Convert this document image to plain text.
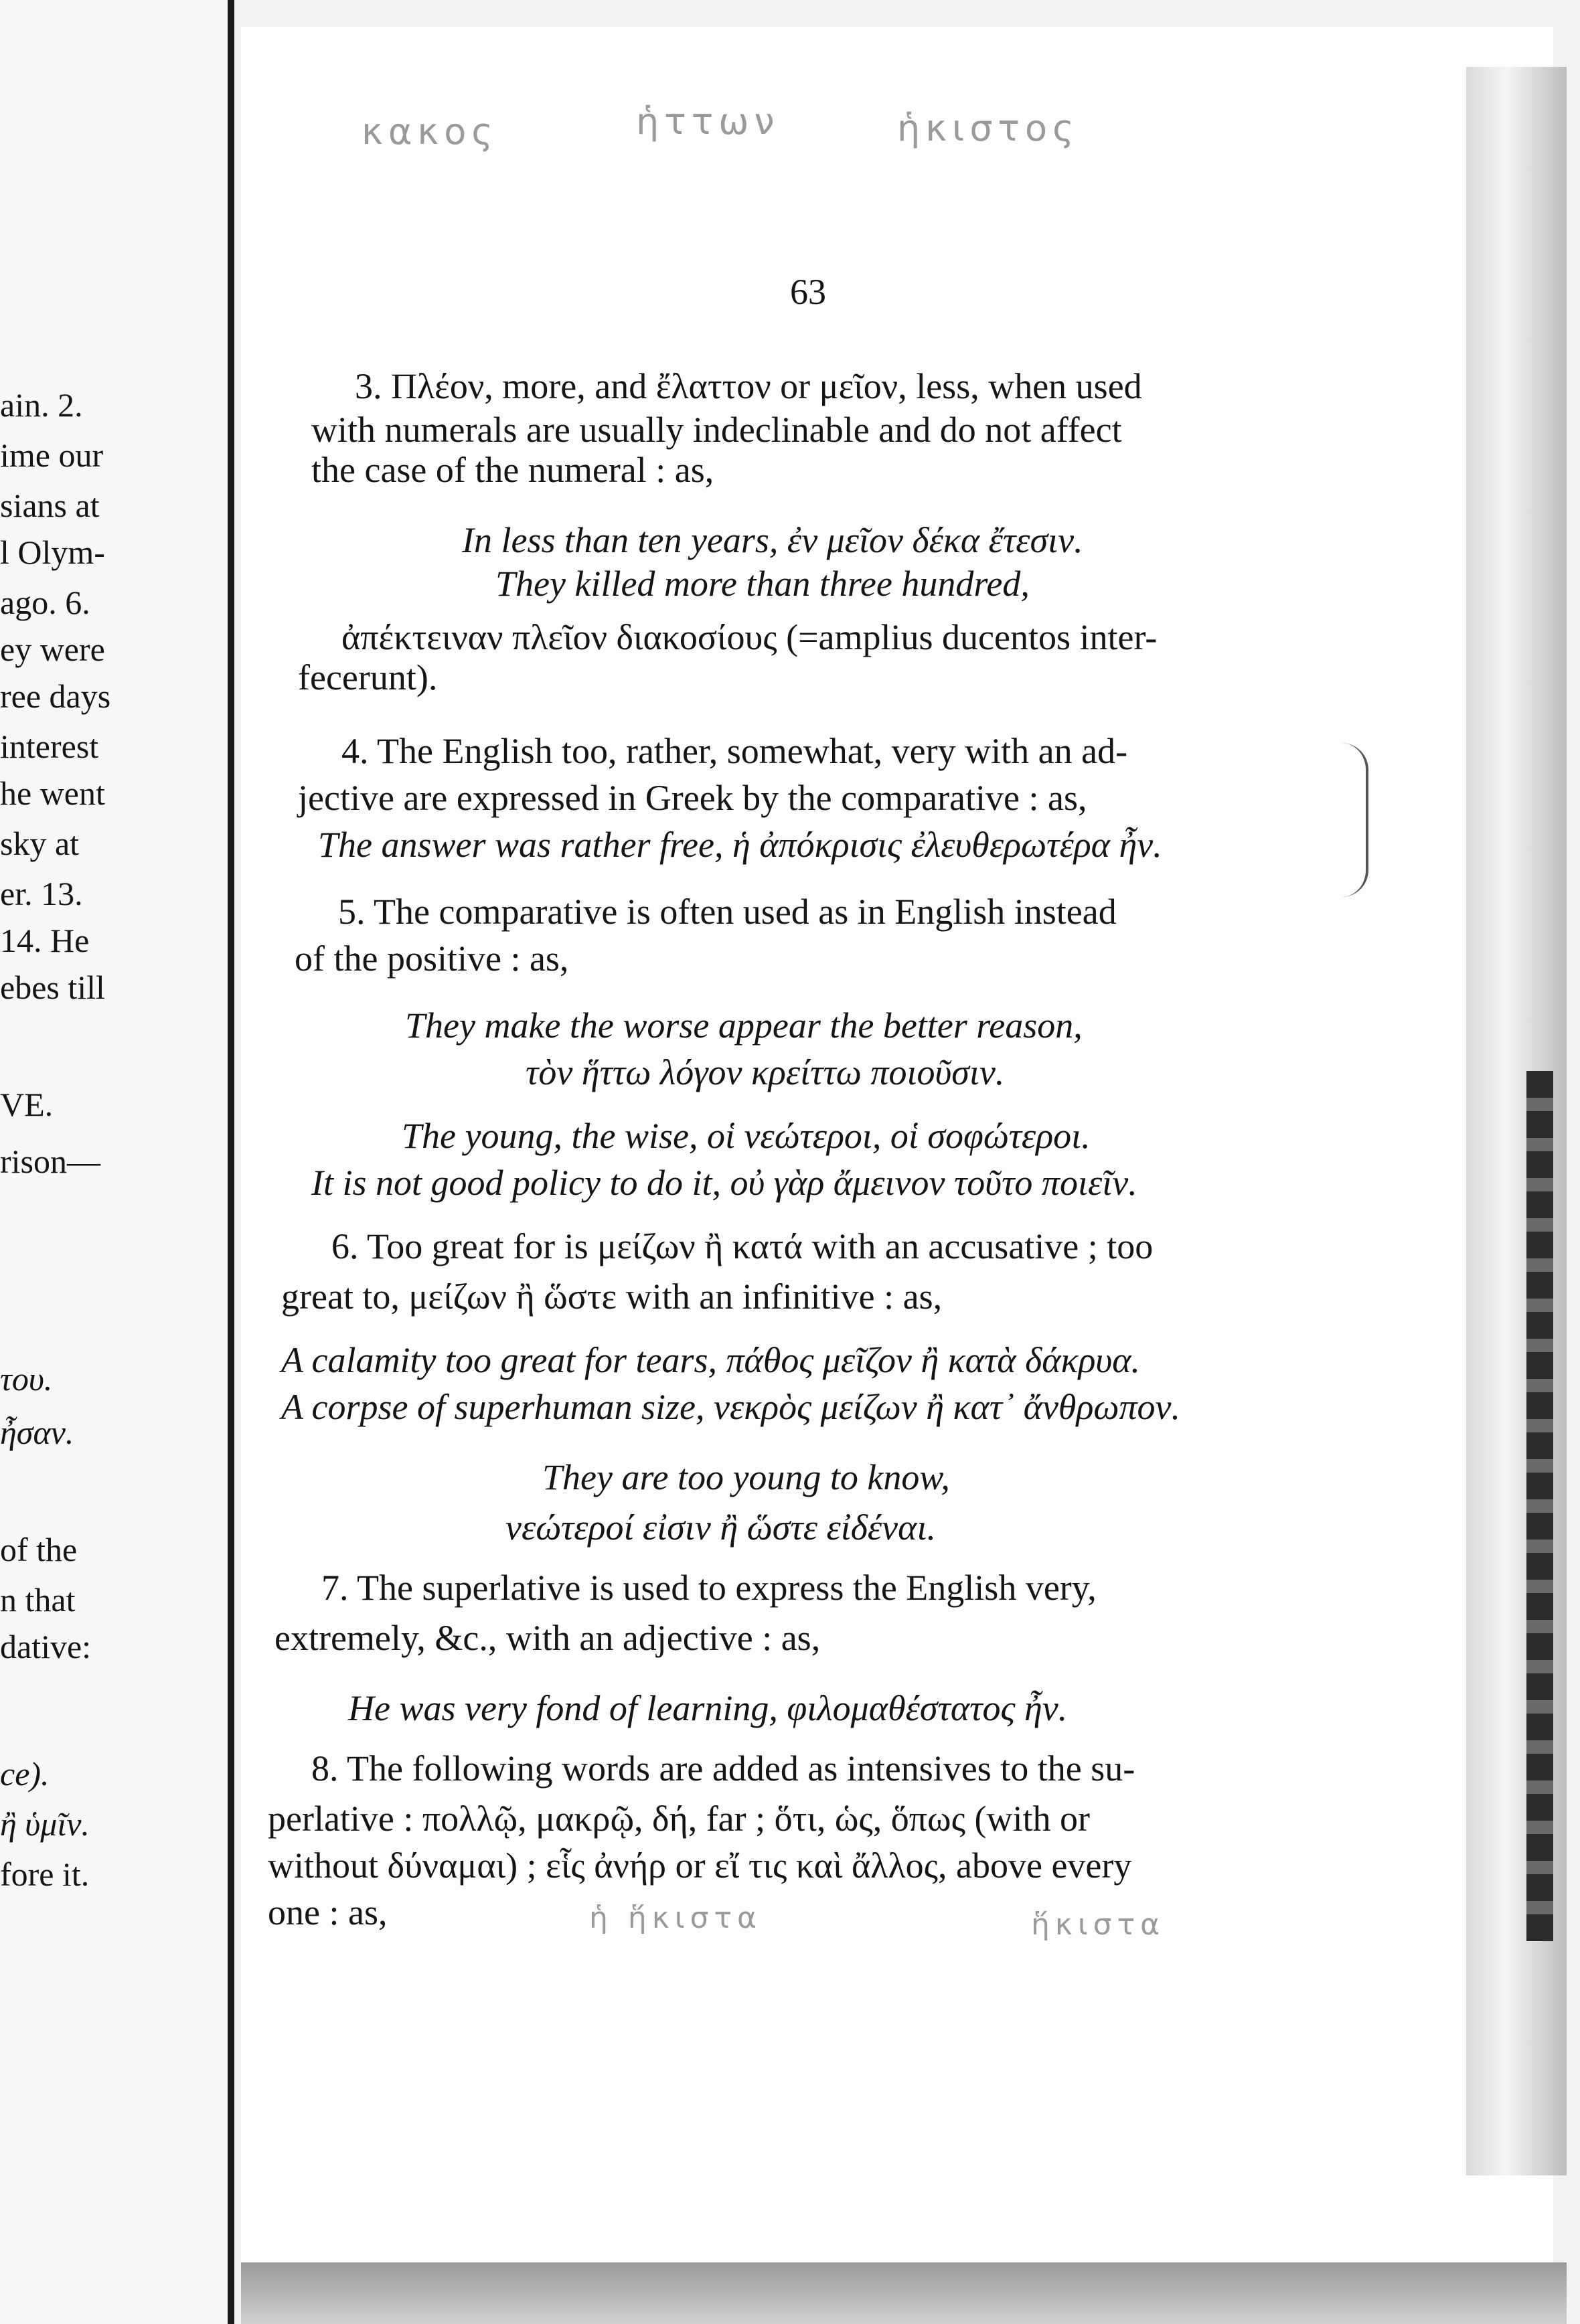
ain. 2.
ime our
sians at
l Olym-
ago. 6.
ey were
ree days
interest
he went
sky at
er. 13.
14. He
ebes till
VE.
rison—
του.
ἦσαν.
of the
n that
dative:
ce).
ἢ ὑμῖν.
fore it.
κακος	ἡττων	ἡκιστος
ἡ ἥκιστα	ἥκιστα
63
3. Πλέον, more, and ἔλαττον or μεῖον, less, when used
with numerals are usually indeclinable and do not affect
the case of the numeral : as,
In less than ten years, ἐν μεῖον δέκα ἔτεσιν.
They killed more than three hundred,
ἀπέκτειναν πλεῖον διακοσίους (=amplius ducentos inter-
fecerunt).
4. The English too, rather, somewhat, very with an ad-
jective are expressed in Greek by the comparative : as,
The answer was rather free, ἡ ἀπόκρισις ἐλευθερωτέρα ἦν.
5. The comparative is often used as in English instead
of the positive : as,
They make the worse appear the better reason,
τὸν ἥττω λόγον κρείττω ποιοῦσιν.
The young, the wise, οἱ νεώτεροι, οἱ σοφώτεροι.
It is not good policy to do it, οὐ γὰρ ἄμεινον τοῦτο ποιεῖν.
6. Too great for is μείζων ἢ κατά with an accusative ; too
great to, μείζων ἢ ὥστε with an infinitive : as,
A calamity too great for tears, πάθος μεῖζον ἢ κατὰ δάκρυα.
A corpse of superhuman size, νεκρὸς μείζων ἢ κατ᾽ ἄνθρωπον.
They are too young to know,
νεώτεροί εἰσιν ἢ ὥστε εἰδέναι.
7. The superlative is used to express the English very,
extremely, &c., with an adjective : as,
He was very fond of learning, φιλομαθέστατος ἦν.
8. The following words are added as intensives to the su-
perlative : πολλῷ, μακρῷ, δή, far ; ὅτι, ὡς, ὅπως (with or
without δύναμαι) ; εἷς ἀνήρ or εἴ τις καὶ ἄλλος, above every
one : as,
